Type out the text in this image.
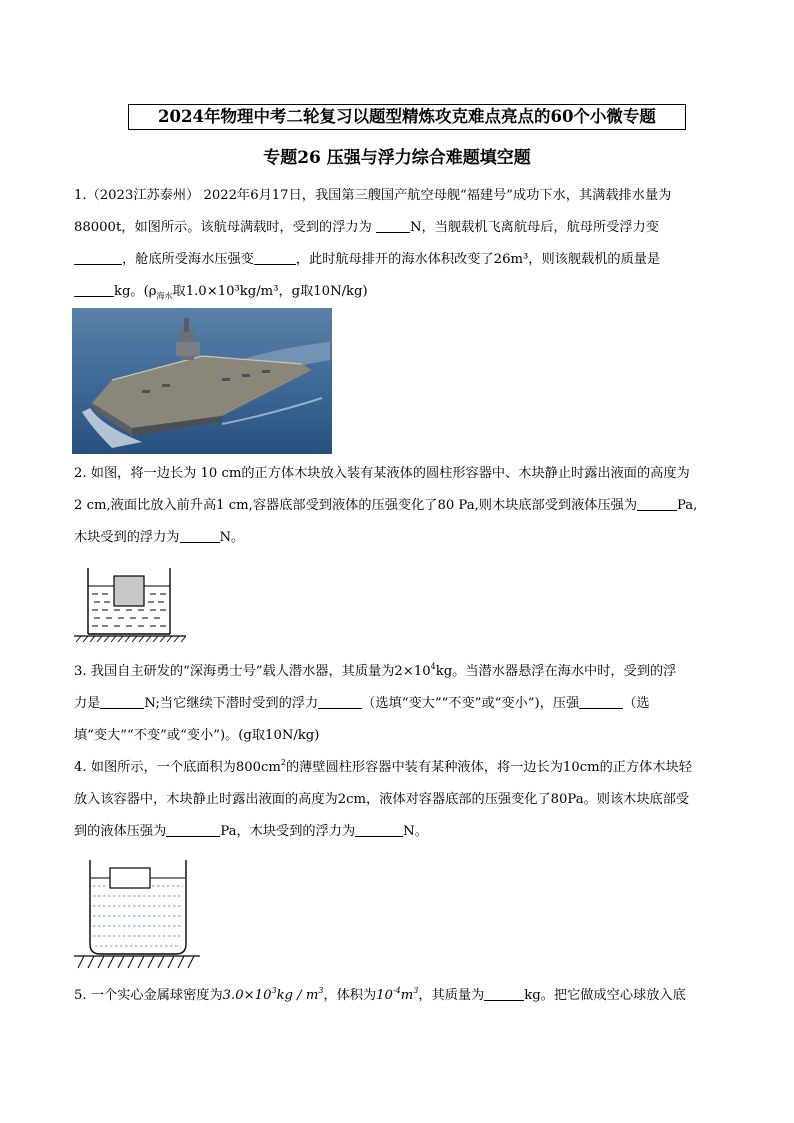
2024年物理中考二轮复习以题型精炼攻克难点亮点的60个小微专题
专题26 压强与浮力综合难题填空题
1.（2023江苏泰州） 2022年6月17日，我国第三艘国产航空母舰“福建号”成功下水，其满载排水量为
88000t，如图所示。该航母满载时，受到的浮力为	N，当舰载机飞离航母后，航母所受浮力变
，舱底所受海水压强变	，此时航母排开的海水体积改变了26m³，则该舰载机的质量是
kg。($\rho_{海水}$取1.0×10³kg/m³，g取10N/kg)
2. 如图，将一边长为 10 cm的正方体木块放入装有某液体的圆柱形容器中、木块静止时露出液面的高度为
2 cm,液面比放入前升高1 cm,容器底部受到液体的压强变化了80 Pa,则木块底部受到液体压强为	Pa,
木块受到的浮力为	N。
3. 我国自主研发的“深海勇士号”载人潜水器，其质量为$2\times 10^4kg$。当潜水器悬浮在海水中时，受到的浮
力是	N;当它继续下潜时受到的浮力	（选填“变大”“不变”或“变小”)，压强	（选
填“变大”“不变”或“变小”)。(g取10N/kg)
4. 如图所示，一个底面积为$800cm^2$的薄壁圆柱形容器中装有某种液体，将一边长为10cm的正方体木块轻
放入该容器中，木块静止时露出液面的高度为2cm，液体对容器底部的压强变化了80Pa。则该木块底部受
到的液体压强为	Pa，木块受到的浮力为	N。
5. 一个实心金属球密度为$3.0\times 10^3kg / m^3$，体积为$10^{-4}m^3$，其质量为	kg。把它做成空心球放入底
